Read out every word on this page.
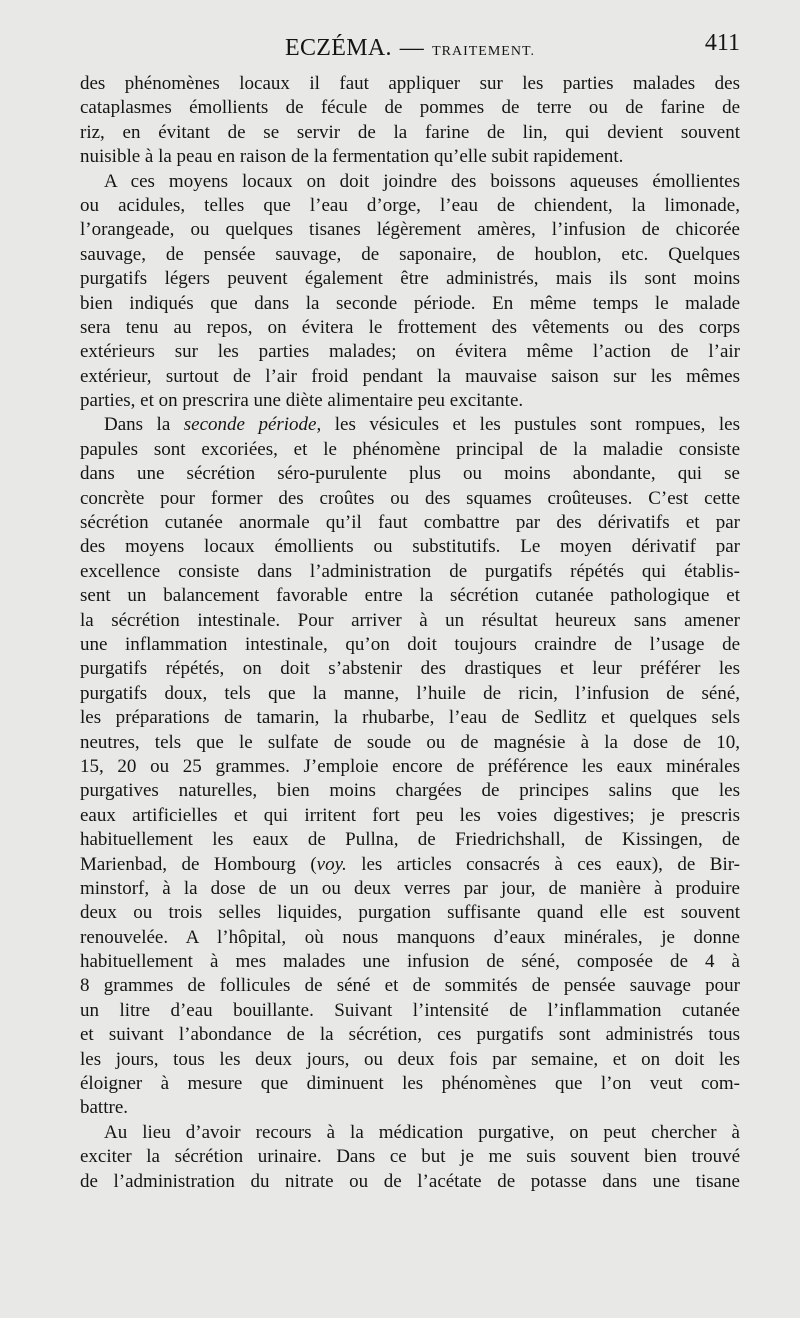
ECZÉMA. — TRAITEMENT.	411
des phénomènes locaux il faut appliquer sur les parties malades des
cataplasmes émollients de fécule de pommes de terre ou de farine de
riz, en évitant de se servir de la farine de lin, qui devient souvent
nuisible à la peau en raison de la fermentation qu’elle subit rapidement.
A ces moyens locaux on doit joindre des boissons aqueuses émollientes
ou acidules, telles que l’eau d’orge, l’eau de chiendent, la limonade,
l’orangeade, ou quelques tisanes légèrement amères, l’infusion de chicorée
sauvage, de pensée sauvage, de saponaire, de houblon, etc. Quelques
purgatifs légers peuvent également être administrés, mais ils sont moins
bien indiqués que dans la seconde période. En même temps le malade
sera tenu au repos, on évitera le frottement des vêtements ou des corps
extérieurs sur les parties malades; on évitera même l’action de l’air
extérieur, surtout de l’air froid pendant la mauvaise saison sur les mêmes
parties, et on prescrira une diète alimentaire peu excitante.
Dans la seconde période, les vésicules et les pustules sont rompues, les
papules sont excoriées, et le phénomène principal de la maladie consiste
dans une sécrétion séro-purulente plus ou moins abondante, qui se
concrète pour former des croûtes ou des squames croûteuses. C’est cette
sécrétion cutanée anormale qu’il faut combattre par des dérivatifs et par
des moyens locaux émollients ou substitutifs. Le moyen dérivatif par
excellence consiste dans l’administration de purgatifs répétés qui établis-
sent un balancement favorable entre la sécrétion cutanée pathologique et
la sécrétion intestinale. Pour arriver à un résultat heureux sans amener
une inflammation intestinale, qu’on doit toujours craindre de l’usage de
purgatifs répétés, on doit s’abstenir des drastiques et leur préférer les
purgatifs doux, tels que la manne, l’huile de ricin, l’infusion de séné,
les préparations de tamarin, la rhubarbe, l’eau de Sedlitz et quelques sels
neutres, tels que le sulfate de soude ou de magnésie à la dose de 10,
15, 20 ou 25 grammes. J’emploie encore de préférence les eaux minérales
purgatives naturelles, bien moins chargées de principes salins que les
eaux artificielles et qui irritent fort peu les voies digestives; je prescris
habituellement les eaux de Pullna, de Friedrichshall, de Kissingen, de
Marienbad, de Hombourg (voy. les articles consacrés à ces eaux), de Bir-
minstorf, à la dose de un ou deux verres par jour, de manière à produire
deux ou trois selles liquides, purgation suffisante quand elle est souvent
renouvelée. A l’hôpital, où nous manquons d’eaux minérales, je donne
habituellement à mes malades une infusion de séné, composée de 4 à
8 grammes de follicules de séné et de sommités de pensée sauvage pour
un litre d’eau bouillante. Suivant l’intensité de l’inflammation cutanée
et suivant l’abondance de la sécrétion, ces purgatifs sont administrés tous
les jours, tous les deux jours, ou deux fois par semaine, et on doit les
éloigner à mesure que diminuent les phénomènes que l’on veut com-
battre.
Au lieu d’avoir recours à la médication purgative, on peut chercher à
exciter la sécrétion urinaire. Dans ce but je me suis souvent bien trouvé
de l’administration du nitrate ou de l’acétate de potasse dans une tisane
